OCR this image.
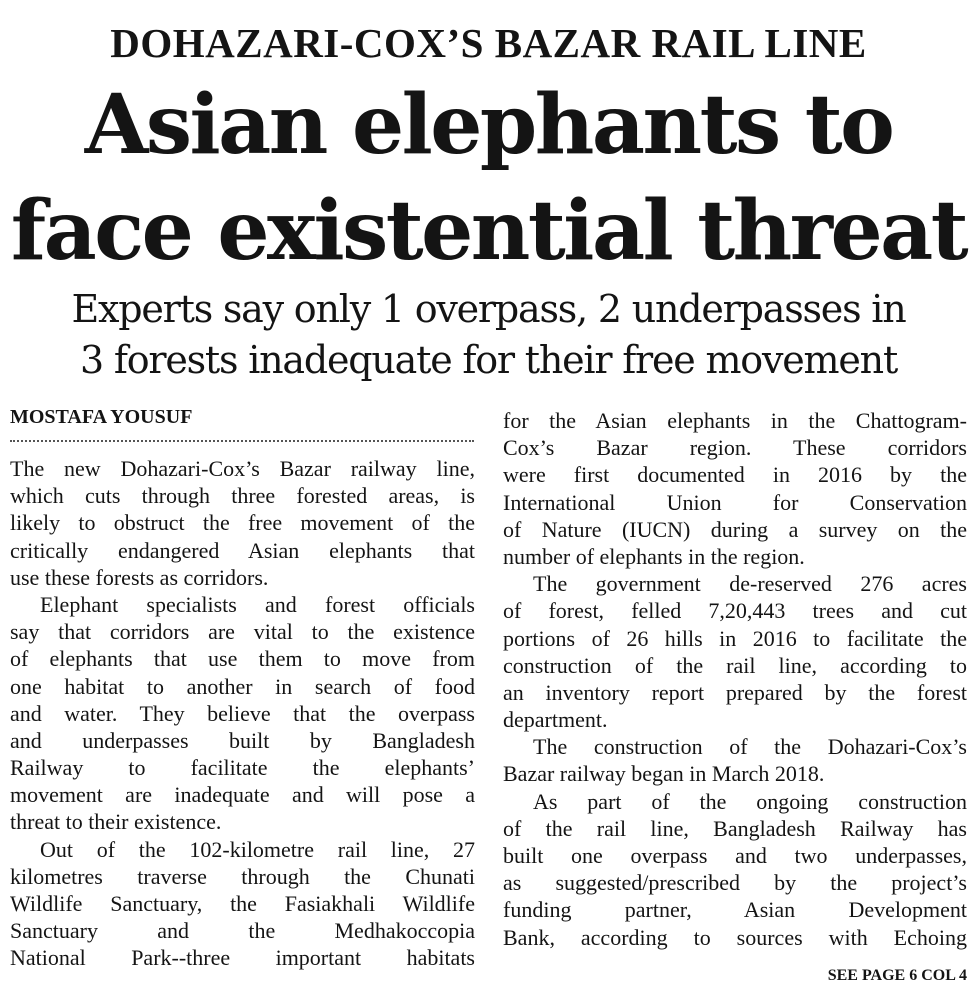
DOHAZARI-COX’S BAZAR RAIL LINE
Asian elephants to
face existential threat
Experts say only 1 overpass, 2 underpasses in
3 forests inadequate for their free movement
MOSTAFA YOUSUF
The new Dohazari-Cox’s Bazar railway line,
which cuts through three forested areas, is
likely to obstruct the free movement of the
critically endangered Asian elephants that
use these forests as corridors.
Elephant specialists and forest officials
say that corridors are vital to the existence
of elephants that use them to move from
one habitat to another in search of food
and water. They believe that the overpass
and underpasses built by Bangladesh
Railway to facilitate the elephants’
movement are inadequate and will pose a
threat to their existence.
Out of the 102-kilometre rail line, 27
kilometres traverse through the Chunati
Wildlife Sanctuary, the Fasiakhali Wildlife
Sanctuary and the Medhakoccopia
National Park--three important habitats
for the Asian elephants in the Chattogram-
Cox’s Bazar region. These corridors
were first documented in 2016 by the
International Union for Conservation
of Nature (IUCN) during a survey on the
number of elephants in the region.
The government de-reserved 276 acres
of forest, felled 7,20,443 trees and cut
portions of 26 hills in 2016 to facilitate the
construction of the rail line, according to
an inventory report prepared by the forest
department.
The construction of the Dohazari-Cox’s
Bazar railway began in March 2018.
As part of the ongoing construction
of the rail line, Bangladesh Railway has
built one overpass and two underpasses,
as suggested/prescribed by the project’s
funding partner, Asian Development
Bank, according to sources with Echoing
SEE PAGE 6 COL 4
